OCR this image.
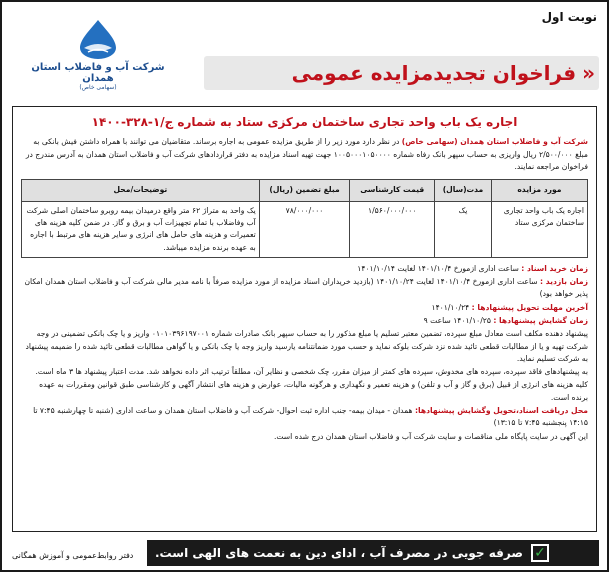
نوبت اول
«
فراخوان تجدیدمزایده عمومی
شرکت آب و فاضلاب استان همدان
(سهامی خاص)
اجاره یک باب واحد تجاری ساختمان مرکزی ستاد به شماره ج/۱-۳۲۸-۱۴۰۰
شرکت آب و فاضلاب استان همدان (سهامی خاص) در نظر دارد مورد زیر را از طریق مزایده عمومی به اجاره برساند. متقاضیان می توانند با همراه داشتن فیش بانکی به مبلغ ۲/۵۰۰/۰۰۰ ریال واریزی به حساب سپهر بانک رفاه شماره ۱۰۰۵۰۰۰۱۰۵۰۰۰۰ جهت تهیه اسناد مزایده به دفتر قراردادهای شرکت آب و فاضلاب استان همدان به آدرس مندرج در فراخوان مراجعه نمایند.
مورد مزایده	مدت(سال)	قیمت کارشناسی	مبلغ تضمین (ریال)	توضیحات/محل
اجاره یک باب واحد تجاری ساختمان مرکزی ستاد	یک	۱/۵۶۰/۰۰۰/۰۰۰	۷۸/۰۰۰/۰۰۰	یک واحد به متراژ ۶۲ متر واقع درمیدان بیمه روبرو ساختمان اصلی شرکت آب وفاضلاب با تمام تجهیزات آب و برق و گاز. در ضمن کلیه هزینه های تعمیرات و هزینه های حامل های انرژی و سایر هزینه های مرتبط با اجاره به عهده برنده مزایده میباشد.
زمان خرید اسناد : ساعت اداری ازمورخ ۱۴۰۱/۱۰/۴ لغایت ۱۴۰۱/۱۰/۱۴
زمان بازدید : ساعت اداری ازمورخ ۱۴۰۱/۱۰/۴ لغایت ۱۴۰۱/۱۰/۲۴ (بازدید خریداران اسناد مزایده از مورد مزایده صرفاً با نامه مدیر مالی شرکت آب و فاضلاب استان همدان امکان پذیر خواهد بود)
آخرین مهلت تحویل پیشنهادها : ۱۴۰۱/۱۰/۲۴
زمان گشایش پیشنهادها : ۱۴۰۱/۱۰/۲۵ ساعت ۹
پیشنهاد دهنده مکلف است معادل مبلغ سپرده، تضمین معتبر تسلیم یا مبلغ مذکور را به حساب سپهر بانک صادرات شماره ۰۱۰۱۰۳۹۶۱۹۷۰۰۱ واریز و یا چک بانکی تضمینی در وجه شرکت تهیه و یا از مطالبات قطعی تائید شده نزد شرکت بلوکه نماید و حسب مورد ضمانتنامه یارسید واریز وجه یا چک بانکی و یا گواهی مطالبات قطعی تائید شده را ضمیمه پیشنهاد به شرکت تسلیم نماید.
به پیشنهادهای فاقد سپرده، سپرده های مخدوش، سپرده های کمتر از میزان مقرر، چک شخصی و نظایر آن، مطلقاً ترتیب اثر داده نخواهد شد. مدت اعتبار پیشنهاد ها ۳ ماه است.
کلیه هزینه های انرژی از قبیل (برق و گاز و آب و تلفن) و هزینه تعمیر و نگهداری و هرگونه مالیات، عوارض و هزینه های انتشار آگهی و کارشناسی طبق قوانین ومقررات به عهده برنده است.
محل دریافت اسناد،تحویل وگشایش پیشنهادها: همدان - میدان بیمه- جنب اداره ثبت احوال- شرکت آب و فاضلاب استان همدان و ساعت اداری (شنبه تا چهارشنبه ۷:۴۵ تا ۱۴:۱۵ پنجشنبه ۷:۴۵ تا ۱۳:۱۵)
این آگهی در سایت پایگاه ملی مناقصات و سایت شرکت آب و فاضلاب استان همدان درج شده است.
✓
صرفه جویی در مصرف آب ، ادای دین به نعمت های الهی است.
دفتر روابط‌عمومی و آموزش همگانی
